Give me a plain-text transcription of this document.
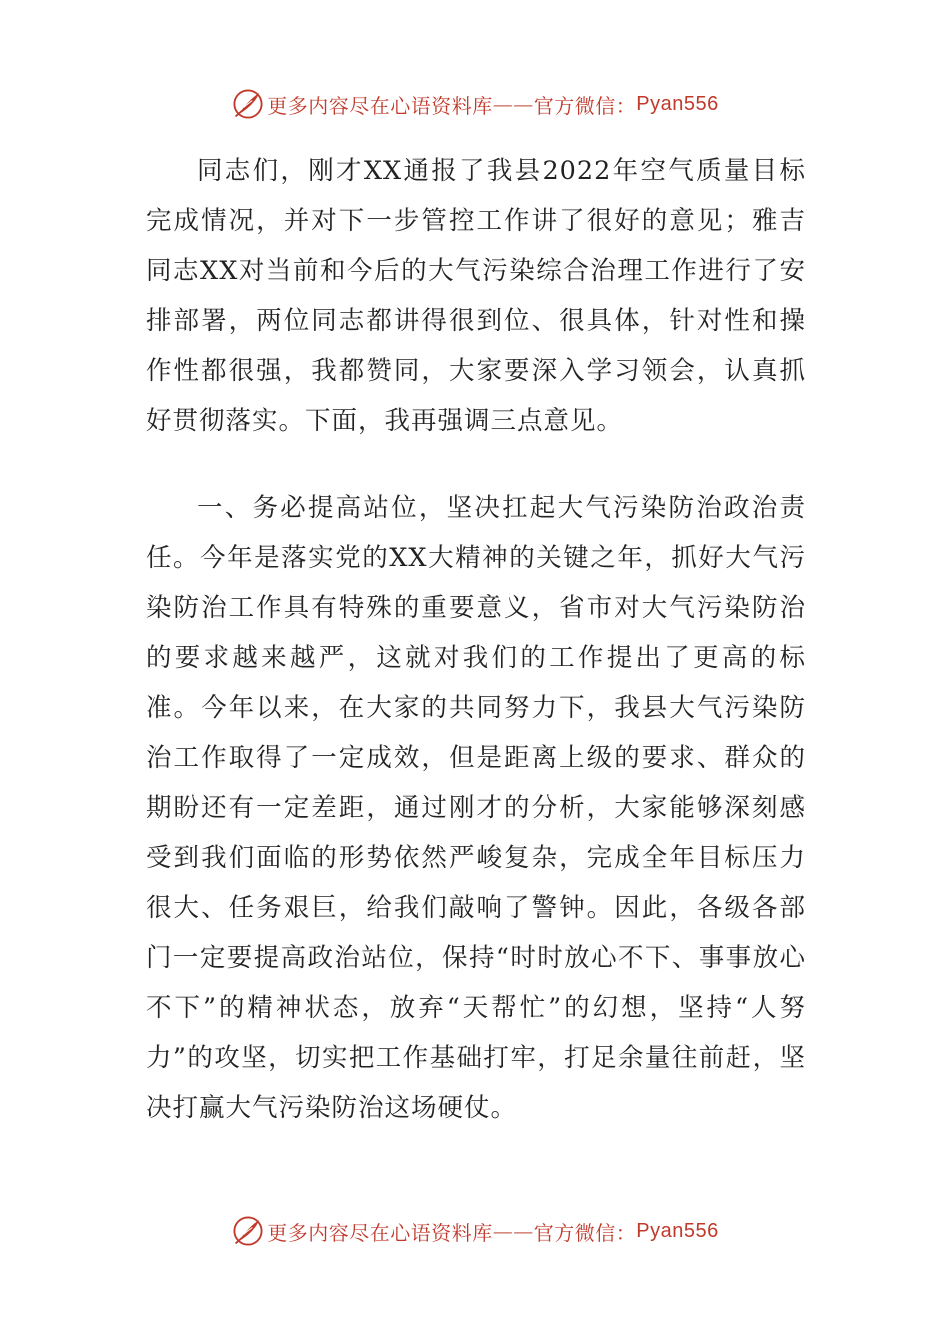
更多内容尽在心语资料库 —— 官方微信： Pyan556

同志们，刚才XX通报了我县2022年空气质量目标完成情况，并对下一步管控工作讲了很好的意见；雅吉同志XX对当前和今后的大气污染综合治理工作进行了安排部署，两位同志都讲得很到位、很具体，针对性和操作性都很强，我都赞同，大家要深入学习领会，认真抓好贯彻落实。下面，我再强调三点意见。

一、务必提高站位，坚决扛起大气污染防治政治责任。今年是落实党的XX大精神的关键之年，抓好大气污染防治工作具有特殊的重要意义，省市对大气污染防治的要求越来越严，这就对我们的工作提出了更高的标准。今年以来，在大家的共同努力下，我县大气污染防治工作取得了一定成效，但是距离上级的要求、群众的期盼还有一定差距，通过刚才的分析，大家能够深刻感受到我们面临的形势依然严峻复杂，完成全年目标压力很大、任务艰巨，给我们敲响了警钟。因此，各级各部门一定要提高政治站位，保持“时时放心不下、事事放心不下”的精神状态，放弃“天帮忙”的幻想，坚持“人努力”的攻坚，切实把工作基础打牢，打足余量往前赶，坚决打赢大气污染防治这场硬仗。

更多内容尽在心语资料库 —— 官方微信： Pyan556
